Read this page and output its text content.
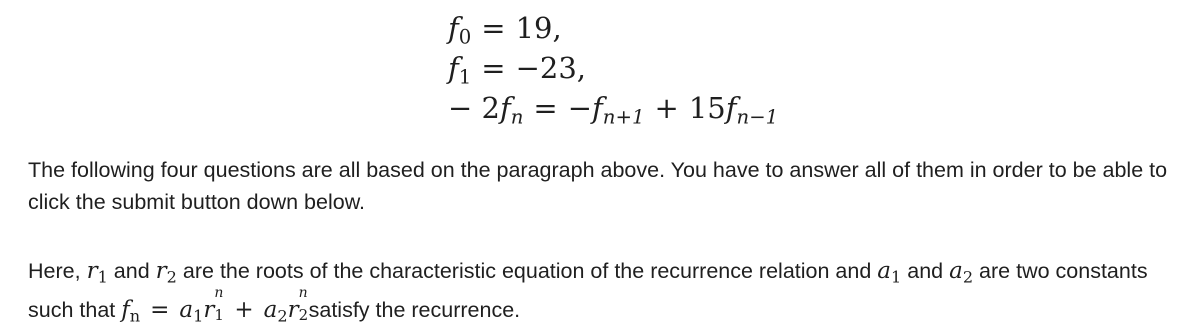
$f_0 = 19$,
$f_1 = -23$,
− $2f_n = -f_{n+1} + 15f_{n-1}$

The following four questions are all based on the paragraph above. You have to answer all of them in order to be able to click the submit button down below.

Here, $r_1$ and $r_2$ are the roots of the characteristic equation of the recurrence relation and $a_1$ and $a_2$ are two constants such that $f_n = a_1r$
n
$1 + a_2r$
n
2 satisfy the recurrence.
